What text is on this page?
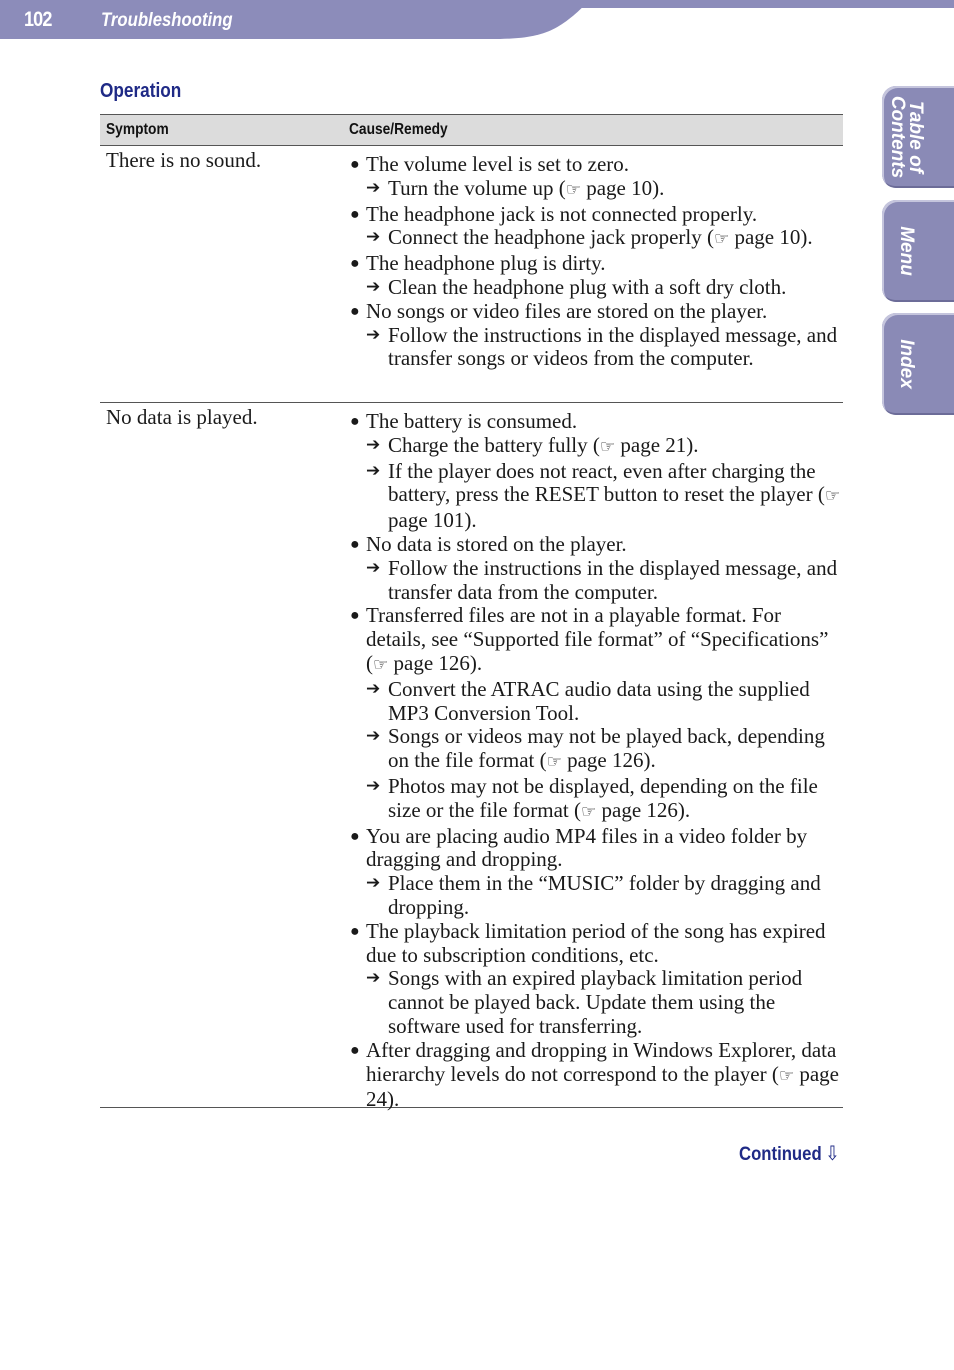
102	Troubleshooting
Table of
Contents
Menu
Index
Operation
Symptom	Cause/Remedy
There is no sound.	● The volume level is set to zero.
➔ Turn the volume up (☞ page 10).
● The headphone jack is not connected properly.
➔ Connect the headphone jack properly (☞ page 10).
● The headphone plug is dirty.
➔ Clean the headphone plug with a soft dry cloth.
● No songs or video files are stored on the player.
➔ Follow the instructions in the displayed message, and transfer songs or videos from the computer.
No data is played.	● The battery is consumed.
➔ Charge the battery fully (☞ page 21).
➔ If the player does not react, even after charging the battery, press the RESET button to reset the player (☞ page 101).
● No data is stored on the player.
➔ Follow the instructions in the displayed message, and transfer data from the computer.
● Transferred files are not in a playable format. For details, see “Supported file format” of “Specifications” (☞ page 126).
➔ Convert the ATRAC audio data using the supplied MP3 Conversion Tool.
➔ Songs or videos may not be played back, depending on the file format (☞ page 126).
➔ Photos may not be displayed, depending on the file size or the file format (☞ page 126).
● You are placing audio MP4 files in a video folder by dragging and dropping.
➔ Place them in the “MUSIC” folder by dragging and dropping.
● The playback limitation period of the song has expired due to subscription conditions, etc.
➔ Songs with an expired playback limitation period cannot be played back. Update them using the software used for transferring.
● After dragging and dropping in Windows Explorer, data hierarchy levels do not correspond to the player (☞ page 24).
Continued ⇩
